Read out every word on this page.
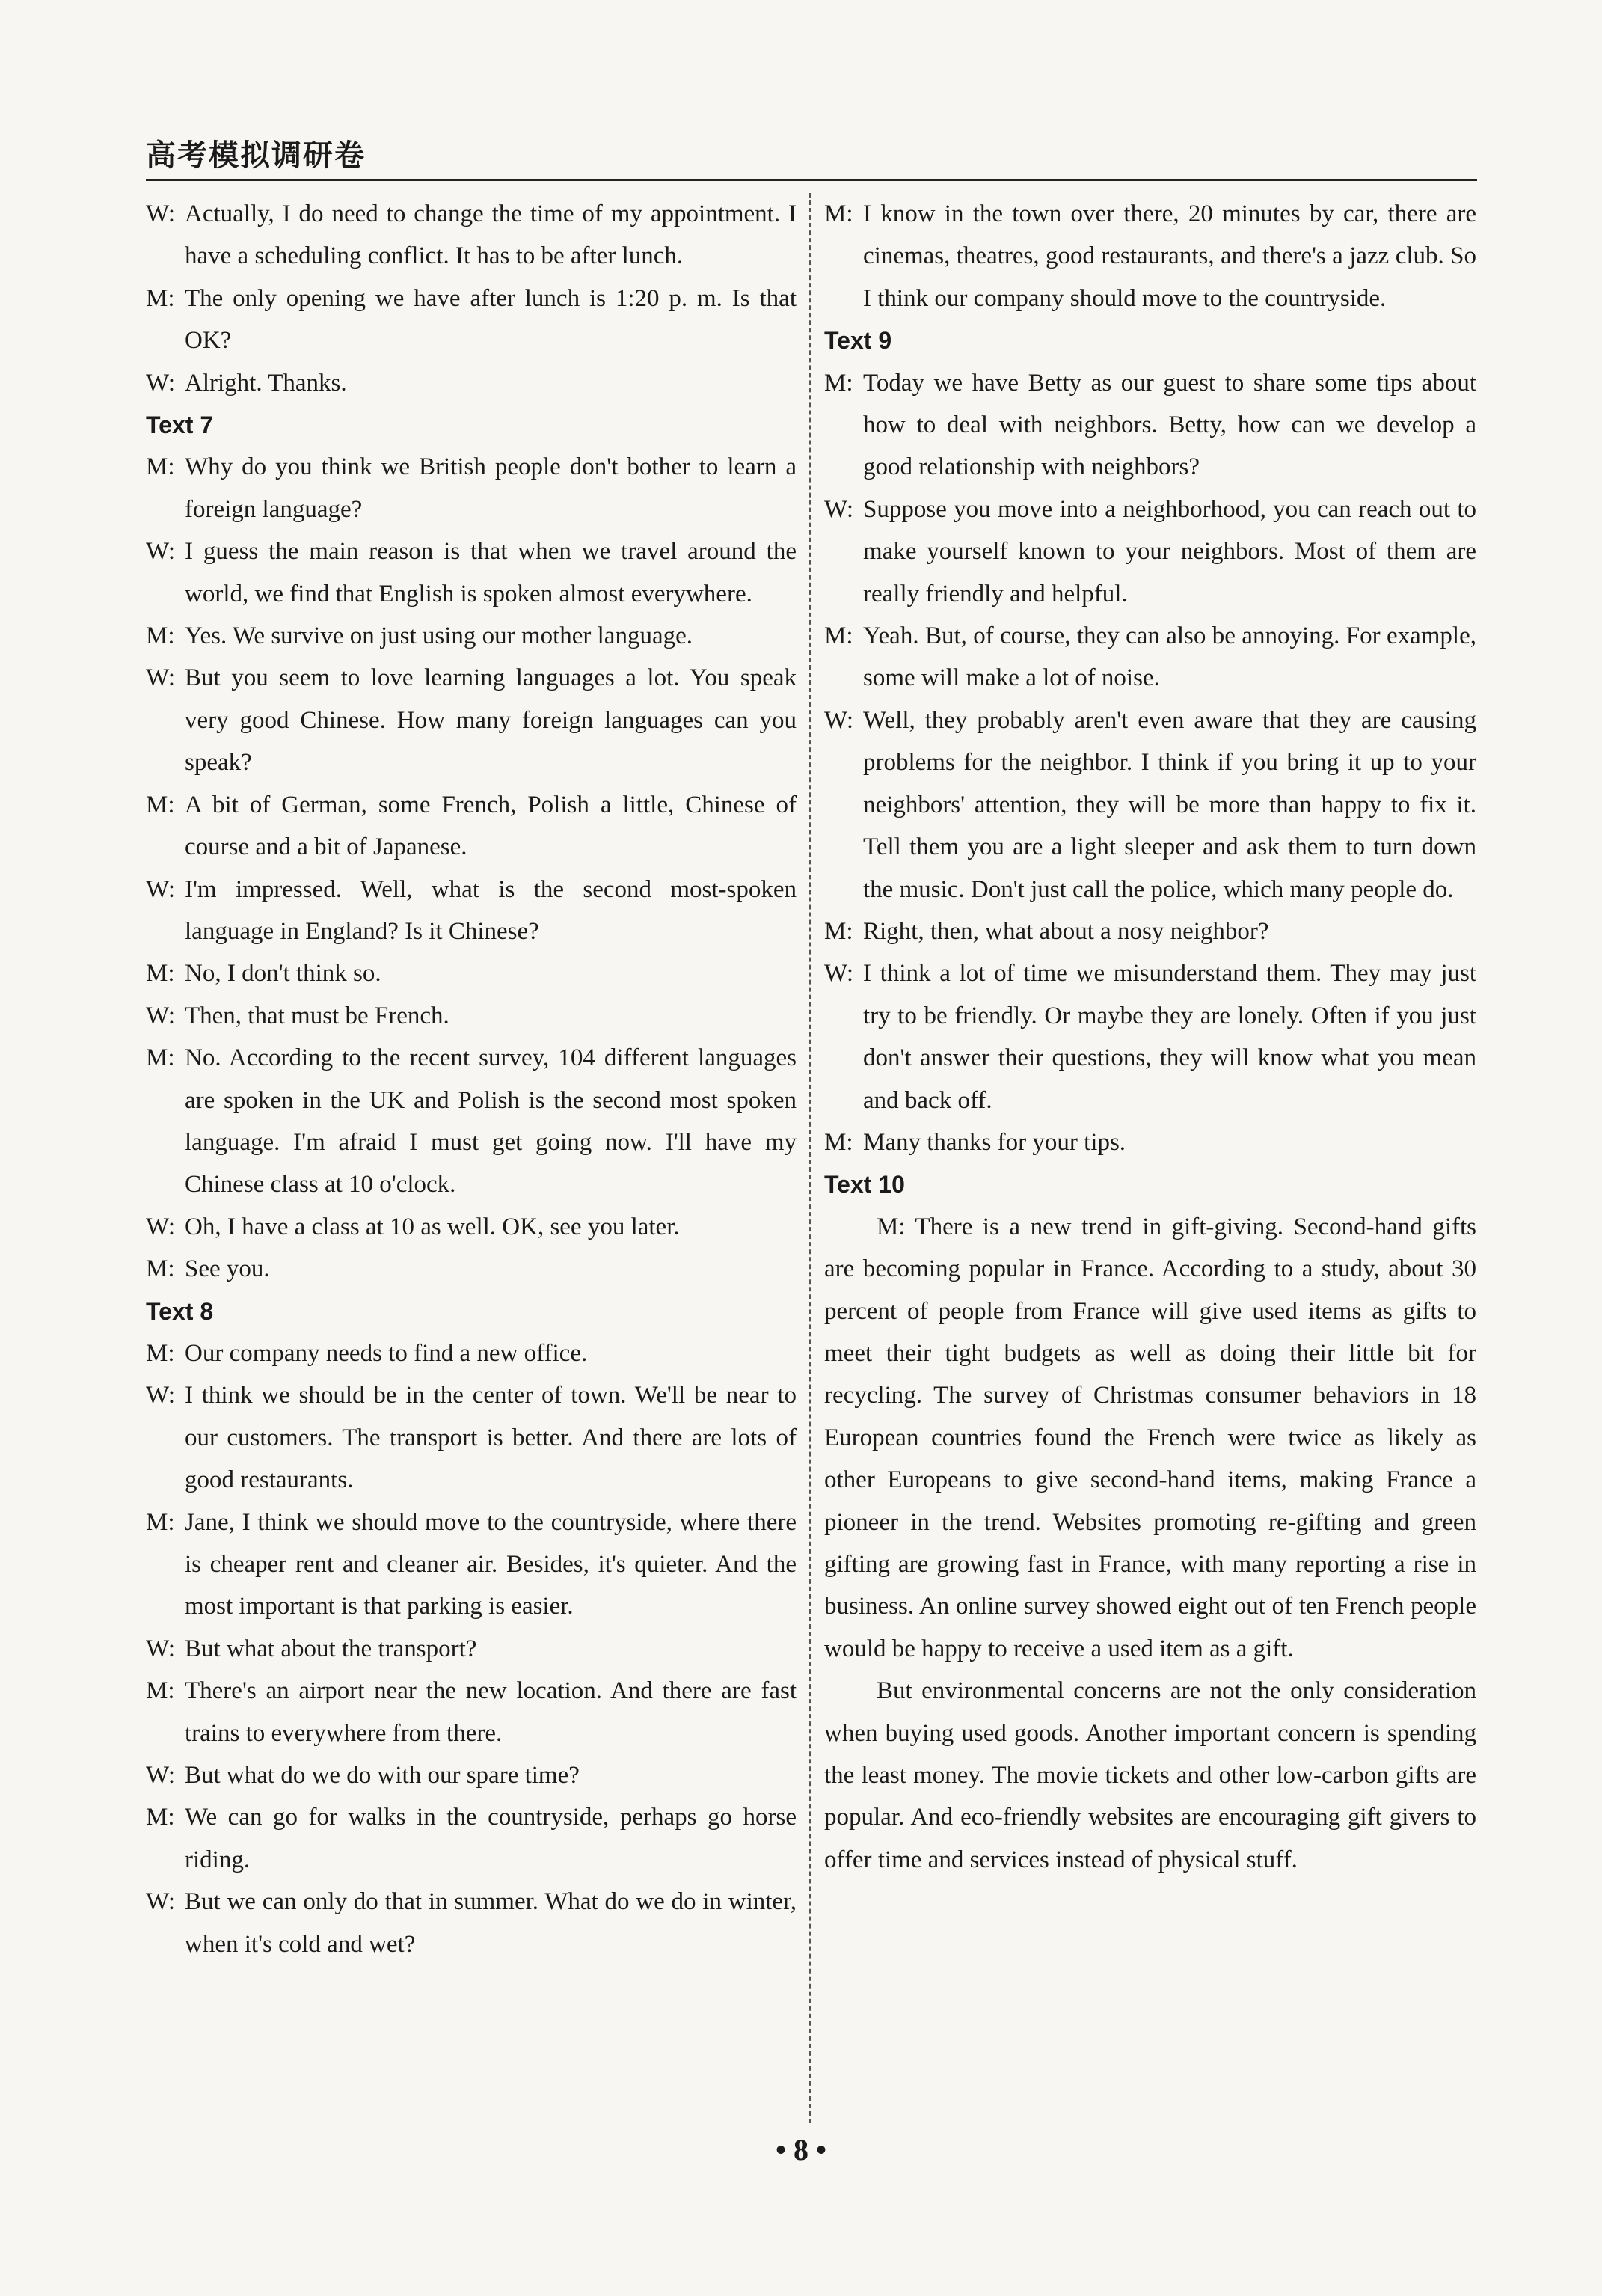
高考模拟调研卷
W: Actually, I do need to change the time of my appointment. I have a scheduling conflict. It has to be after lunch.
M: The only opening we have after lunch is 1:20 p. m. Is that OK?
W: Alright. Thanks.
Text 7
M: Why do you think we British people don't bother to learn a foreign language?
W: I guess the main reason is that when we travel around the world, we find that English is spoken almost everywhere.
M: Yes. We survive on just using our mother language.
W: But you seem to love learning languages a lot. You speak very good Chinese. How many foreign languages can you speak?
M: A bit of German, some French, Polish a little, Chinese of course and a bit of Japanese.
W: I'm impressed. Well, what is the second most-spoken language in England? Is it Chinese?
M: No, I don't think so.
W: Then, that must be French.
M: No. According to the recent survey, 104 different languages are spoken in the UK and Polish is the second most spoken language. I'm afraid I must get going now. I'll have my Chinese class at 10 o'clock.
W: Oh, I have a class at 10 as well. OK, see you later.
M: See you.
Text 8
M: Our company needs to find a new office.
W: I think we should be in the center of town. We'll be near to our customers. The transport is better. And there are lots of good restaurants.
M: Jane, I think we should move to the countryside, where there is cheaper rent and cleaner air. Besides, it's quieter. And the most important is that parking is easier.
W: But what about the transport?
M: There's an airport near the new location. And there are fast trains to everywhere from there.
W: But what do we do with our spare time?
M: We can go for walks in the countryside, perhaps go horse riding.
W: But we can only do that in summer. What do we do in winter, when it's cold and wet?
M: I know in the town over there, 20 minutes by car, there are cinemas, theatres, good restaurants, and there's a jazz club. So I think our company should move to the countryside.
Text 9
M: Today we have Betty as our guest to share some tips about how to deal with neighbors. Betty, how can we develop a good relationship with neighbors?
W: Suppose you move into a neighborhood, you can reach out to make yourself known to your neighbors. Most of them are really friendly and helpful.
M: Yeah. But, of course, they can also be annoying. For example, some will make a lot of noise.
W: Well, they probably aren't even aware that they are causing problems for the neighbor. I think if you bring it up to your neighbors' attention, they will be more than happy to fix it. Tell them you are a light sleeper and ask them to turn down the music. Don't just call the police, which many people do.
M: Right, then, what about a nosy neighbor?
W: I think a lot of time we misunderstand them. They may just try to be friendly. Or maybe they are lonely. Often if you just don't answer their questions, they will know what you mean and back off.
M: Many thanks for your tips.
Text 10
M: There is a new trend in gift-giving. Second-hand gifts are becoming popular in France. According to a study, about 30 percent of people from France will give used items as gifts to meet their tight budgets as well as doing their little bit for recycling. The survey of Christmas consumer behaviors in 18 European countries found the French were twice as likely as other Europeans to give second-hand items, making France a pioneer in the trend. Websites promoting re-gifting and green gifting are growing fast in France, with many reporting a rise in business. An online survey showed eight out of ten French people would be happy to receive a used item as a gift.
But environmental concerns are not the only consideration when buying used goods. Another important concern is spending the least money. The movie tickets and other low-carbon gifts are popular. And eco-friendly websites are encouraging gift givers to offer time and services instead of physical stuff.
• 8 •
